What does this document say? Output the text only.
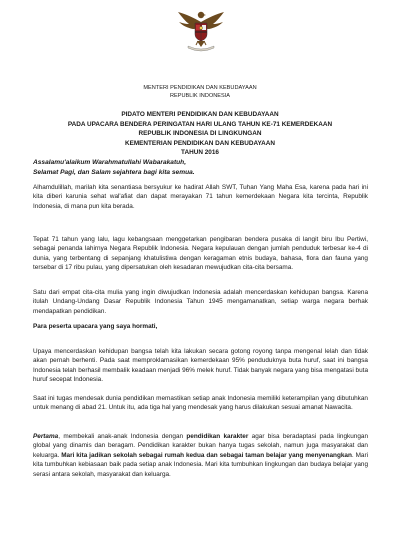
MENTERI PENDIDIKAN DAN KEBUDAYAAN
REPUBLIK INDONESIA
PIDATO MENTERI PENDIDIKAN DAN KEBUDAYAAN
PADA UPACARA BENDERA PERINGATAN HARI ULANG TAHUN KE-71 KEMERDEKAAN
REPUBLIK INDONESIA DI LINGKUNGAN
KEMENTERIAN PENDIDIKAN DAN KEBUDAYAAN
TAHUN 2016
Assalamu'alaikum Warahmatullahi Wabarakatuh,
Selamat Pagi, dan Salam sejahtera bagi kita semua.

Alhamdulillah, marilah kita senantiasa bersyukur ke hadirat Allah SWT, Tuhan Yang Maha Esa, karena pada hari ini kita diberi karunia sehat wal'afiat dan dapat merayakan 71 tahun kemerdekaan Negara kita tercinta, Republik Indonesia, di mana pun kita berada.

Tepat 71 tahun yang lalu, lagu kebangsaan menggetarkan pengibaran bendera pusaka di langit biru Ibu Pertiwi, sebagai penanda lahirnya Negara Republik Indonesia. Negara kepulauan dengan jumlah penduduk terbesar ke-4 di dunia, yang terbentang di sepanjang khatulistiwa dengan keragaman etnis budaya, bahasa, flora dan fauna yang tersebar di 17 ribu pulau, yang dipersatukan oleh kesadaran mewujudkan cita-cita bersama.

Satu dari empat cita-cita mulia yang ingin diwujudkan Indonesia adalah mencerdaskan kehidupan bangsa. Karena itulah Undang-Undang Dasar Republik Indonesia Tahun 1945 mengamanatkan, setiap warga negara berhak mendapatkan pendidikan.

Para peserta upacara yang saya hormati,

Upaya mencerdaskan kehidupan bangsa telah kita lakukan secara gotong royong tanpa mengenal lelah dan tidak akan pernah berhenti. Pada saat memproklamasikan kemerdekaan 95% penduduknya buta huruf, saat ini bangsa Indonesia telah berhasil membalik keadaan menjadi 96% melek huruf. Tidak banyak negara yang bisa mengatasi buta huruf secepat Indonesia.

Saat ini tugas mendesak dunia pendidikan memastikan setiap anak Indonesia memiliki keterampilan yang dibutuhkan untuk menang di abad 21. Untuk itu, ada tiga hal yang mendesak yang harus dilakukan sesuai amanat Nawacita.

Pertama, membekali anak-anak Indonesia dengan pendidikan karakter agar bisa beradaptasi pada lingkungan global yang dinamis dan beragam. Pendidikan karakter bukan hanya tugas sekolah, namun juga masyarakat dan keluarga. Mari kita jadikan sekolah sebagai rumah kedua dan sebagai taman belajar yang menyenangkan. Mari kita tumbuhkan kebiasaan baik pada setiap anak Indonesia. Mari kita tumbuhkan lingkungan dan budaya belajar yang serasi antara sekolah, masyarakat dan keluarga.
